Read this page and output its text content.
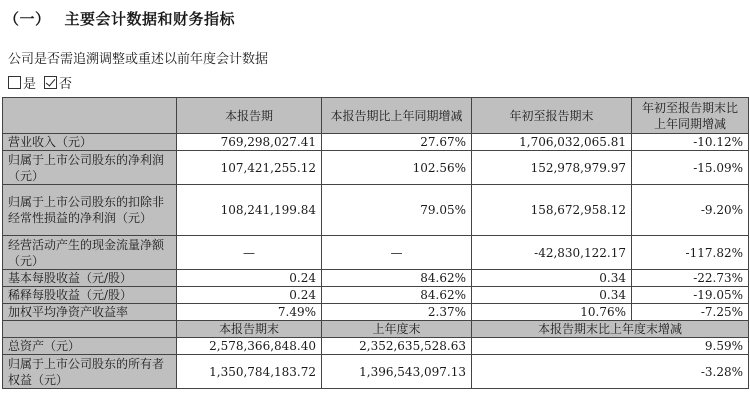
（一） 主要会计数据和财务指标
公司是否需追溯调整或重述以前年度会计数据
是 否
	本报告期	本报告期比上年同期增减	年初至报告期末	年初至报告期末比上年同期增减
营业收入（元）	769,298,027.41	27.67%	1,706,032,065.81	-10.12%
归属于上市公司股东的净利润（元）	107,421,255.12	102.56%	152,978,979.97	-15.09%
归属于上市公司股东的扣除非经常性损益的净利润（元）	108,241,199.84	79.05%	158,672,958.12	-9.20%
经营活动产生的现金流量净额（元）	—	—	-42,830,122.17	-117.82%
基本每股收益（元/股）	0.24	84.62%	0.34	-22.73%
稀释每股收益（元/股）	0.24	84.62%	0.34	-19.05%
加权平均净资产收益率	7.49%	2.37%	10.76%	-7.25%
	本报告期末	上年度末	本报告期末比上年度末增减	
总资产（元）	2,578,366,848.40	2,352,635,528.63	9.59%	
归属于上市公司股东的所有者权益（元）	1,350,784,183.72	1,396,543,097.13	-3.28%	
